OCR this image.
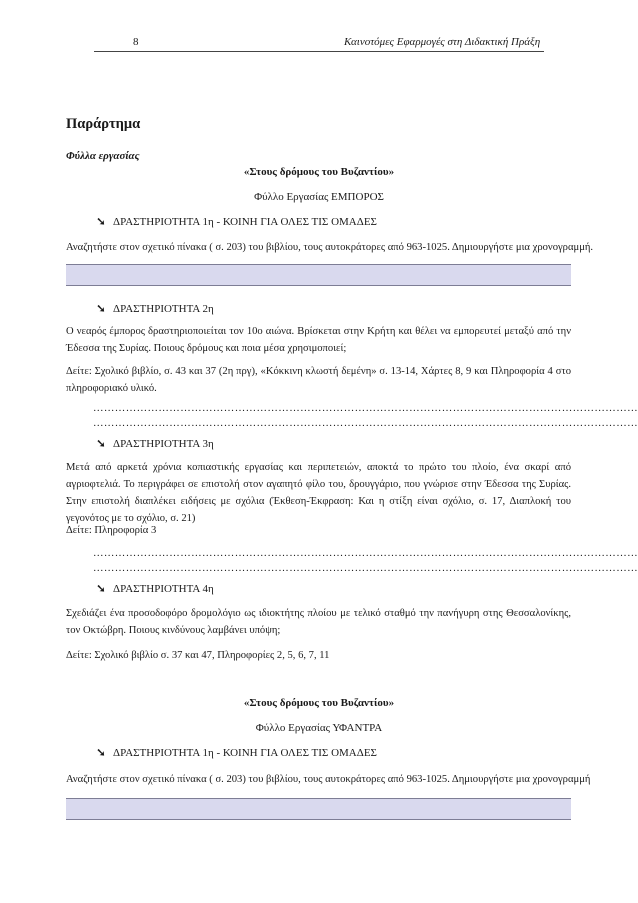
8	Καινοτόμες Εφαρμογές στη Διδακτική Πράξη
Παράρτημα
Φύλλα εργασίας
«Στους δρόμους του Βυζαντίου»
Φύλλο Εργασίας ΕΜΠΟΡΟΣ
➘ ΔΡΑΣΤΗΡΙΟΤΗΤΑ 1η - ΚΟΙΝΗ ΓΙΑ ΟΛΕΣ ΤΙΣ ΟΜΑΔΕΣ
Αναζητήστε στον σχετικό πίνακα ( σ. 203) του βιβλίου, τους αυτοκράτορες από 963-1025. Δημιουργήστε μια χρονογραμμή.
➘ ΔΡΑΣΤΗΡΙΟΤΗΤΑ 2η
Ο νεαρός έμπορος δραστηριοποιείται τον 10ο αιώνα. Βρίσκεται στην Κρήτη και θέλει να εμπορευτεί μεταξύ από την Έδεσσα της Συρίας. Ποιους δρόμους και ποια μέσα χρησιμοποιεί;
Δείτε: Σχολικό βιβλίο, σ. 43 και 37 (2η πργ), «Κόκκινη κλωστή δεμένη» σ. 13-14, Χάρτες 8, 9 και Πληροφορία 4 στο πληροφοριακό υλικό.
……………………………………………………………………………………………………………………………………
……………………………………………………………………………………………………………………………………
➘ ΔΡΑΣΤΗΡΙΟΤΗΤΑ 3η
Μετά από αρκετά χρόνια κοπιαστικής εργασίας και περιπετειών, αποκτά το πρώτο του πλοίο, ένα σκαρί από αγριοφτελιά. Το περιγράφει σε επιστολή στον αγαπητό φίλο του, δρουγγάριο, που γνώρισε στην Έδεσσα της Συρίας. Στην επιστολή διαπλέκει ειδήσεις με σχόλια (Έκθεση-Έκφραση: Και η στίξη είναι σχόλιο, σ. 17, Διαπλοκή του γεγονότος με το σχόλιο, σ. 21)
Δείτε: Πληροφορία 3
……………………………………………………………………………………………………………………………………
……………………………………………………………………………………………………………………………………
➘ ΔΡΑΣΤΗΡΙΟΤΗΤΑ 4η
Σχεδιάζει ένα προσοδοφόρο δρομολόγιο ως ιδιοκτήτης πλοίου με τελικό σταθμό την πανήγυρη στης Θεσσαλονίκης, τον Οκτώβρη. Ποιους κινδύνους λαμβάνει υπόψη;
Δείτε: Σχολικό βιβλίο σ. 37 και 47, Πληροφορίες 2, 5, 6, 7, 11
«Στους δρόμους του Βυζαντίου»
Φύλλο Εργασίας ΥΦΑΝΤΡΑ
➘ ΔΡΑΣΤΗΡΙΟΤΗΤΑ 1η - ΚΟΙΝΗ ΓΙΑ ΟΛΕΣ ΤΙΣ ΟΜΑΔΕΣ
Αναζητήστε στον σχετικό πίνακα ( σ. 203) του βιβλίου, τους αυτοκράτορες από 963-1025. Δημιουργήστε μια χρονογραμμή
